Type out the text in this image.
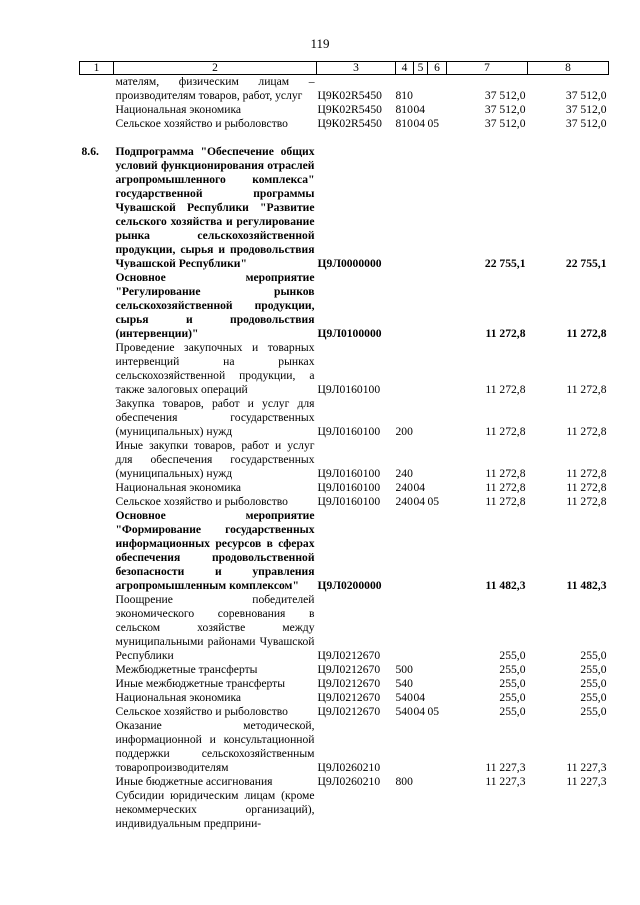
119
1	2	3	4	5	6	7	8
	мателям, физическим лицам – производителям товаров, работ, услуг	Ц9К02R5450	810			37 512,0	37 512,0
	Национальная экономика	Ц9К02R5450	810	04		37 512,0	37 512,0
	Сельское хозяйство и рыболовство	Ц9К02R5450	810	04	05	37 512,0	37 512,0

8.6.	Подпрограмма "Обеспечение общих условий функционирования отраслей агропромышленного комплекса" государственной программы Чувашской Республики "Развитие сельского хозяйства и регулирование рынка сельскохозяйственной продукции, сырья и продовольствия Чувашской Республики"	Ц9Л0000000				22 755,1	22 755,1
	Основное мероприятие "Регулирование рынков сельскохозяйственной продукции, сырья и продовольствия (интервенции)"	Ц9Л0100000				11 272,8	11 272,8
	Проведение закупочных и товарных интервенций на рынках сельскохозяйственной продукции, а также залоговых операций	Ц9Л0160100				11 272,8	11 272,8
	Закупка товаров, работ и услуг для обеспечения государственных (муниципальных) нужд	Ц9Л0160100	200			11 272,8	11 272,8
	Иные закупки товаров, работ и услуг для обеспечения государственных (муниципальных) нужд	Ц9Л0160100	240			11 272,8	11 272,8
	Национальная экономика	Ц9Л0160100	240	04		11 272,8	11 272,8
	Сельское хозяйство и рыболовство	Ц9Л0160100	240	04	05	11 272,8	11 272,8
	Основное мероприятие "Формирование государственных информационных ресурсов в сферах обеспечения продовольственной безопасности и управления агропромышленным комплексом"	Ц9Л0200000				11 482,3	11 482,3
	Поощрение победителей экономического соревнования в сельском хозяйстве между муниципальными районами Чувашской Республики	Ц9Л0212670				255,0	255,0
	Межбюджетные трансферты	Ц9Л0212670	500			255,0	255,0
	Иные межбюджетные трансферты	Ц9Л0212670	540			255,0	255,0
	Национальная экономика	Ц9Л0212670	540	04		255,0	255,0
	Сельское хозяйство и рыболовство	Ц9Л0212670	540	04	05	255,0	255,0
	Оказание методической, информационной и консультационной поддержки сельскохозяйственным товаропроизводителям	Ц9Л0260210				11 227,3	11 227,3
	Иные бюджетные ассигнования	Ц9Л0260210	800			11 227,3	11 227,3
	Субсидии юридическим лицам (кроме некоммерческих организаций), индивидуальным предприни-						
